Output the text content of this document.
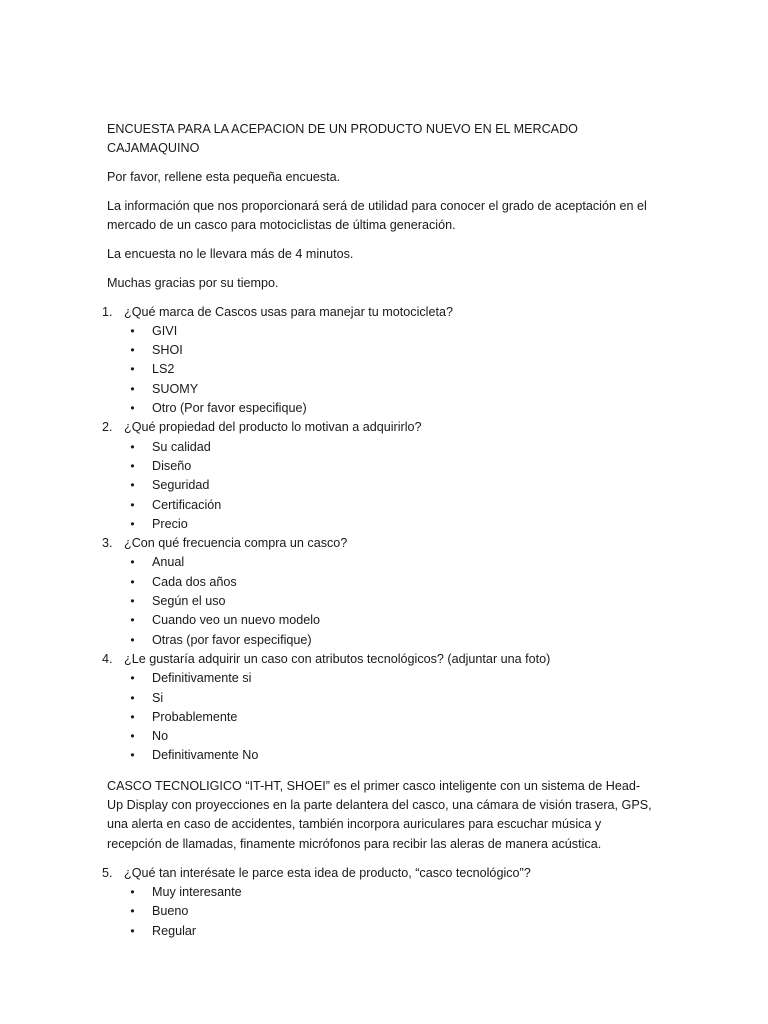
ENCUESTA PARA LA ACEPACION DE UN PRODUCTO NUEVO EN EL MERCADO CAJAMAQUINO

Por favor, rellene esta pequeña encuesta.

La información que nos proporcionará será de utilidad para conocer el grado de aceptación en el mercado de un casco para motociclistas de última generación.

La encuesta no le llevara más de 4 minutos.

Muchas gracias por su tiempo.

1. ¿Qué marca de Cascos usas para manejar tu motocicleta?
•	GIVI
•	SHOI
•	LS2
•	SUOMY
•	Otro (Por favor especifique)
2. ¿Qué propiedad del producto lo motivan a adquirirlo?
•	Su calidad
•	Diseño
•	Seguridad
•	Certificación
•	Precio
3. ¿Con qué frecuencia compra un casco?
•	Anual
•	Cada dos años
•	Según el uso
•	Cuando veo un nuevo modelo
•	Otras (por favor especifique)
4. ¿Le gustaría adquirir un caso con atributos tecnológicos? (adjuntar una foto)
•	Definitivamente si
•	Si
•	Probablemente
•	No
•	Definitivamente No

CASCO TECNOLIGICO “IT-HT, SHOEI” es el primer casco inteligente con un sistema de Head-Up Display con proyecciones en la parte delantera del casco, una cámara de visión trasera, GPS, una alerta en caso de accidentes, también incorpora auriculares para escuchar música y recepción de llamadas, finamente micrófonos para recibir las aleras de manera acústica.

5. ¿Qué tan interésate le parce esta idea de producto, “casco tecnológico”?
•	Muy interesante
•	Bueno
•	Regular
